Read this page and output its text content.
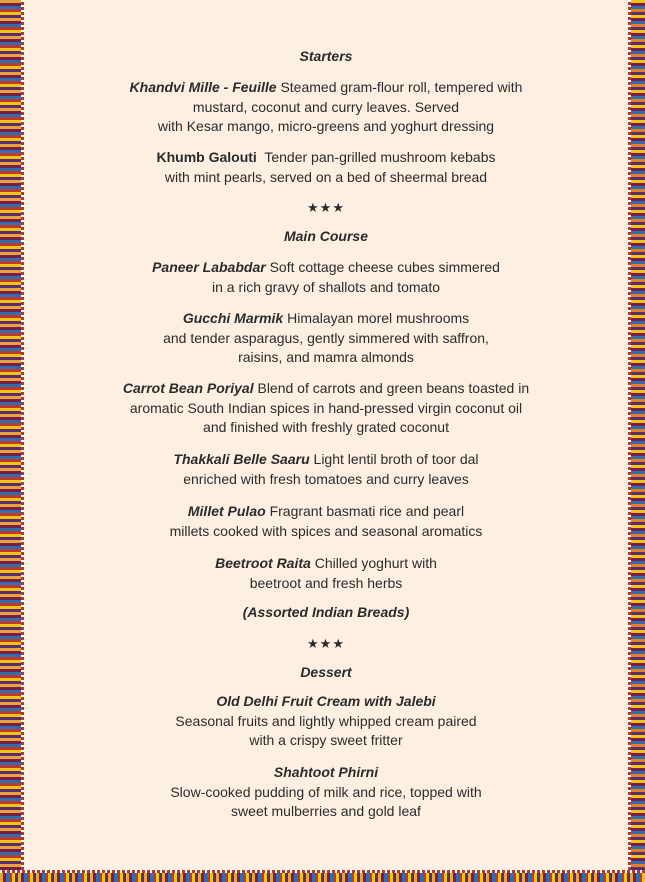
Starters

Khandvi Mille - Feuille Steamed gram-flour roll, tempered with
mustard, coconut and curry leaves. Served
with Kesar mango, micro-greens and yoghurt dressing
Khumb Galouti Tender pan-grilled mushroom kebabs
with mint pearls, served on a bed of sheermal bread
★★★

Main Course

Paneer Lababdar Soft cottage cheese cubes simmered
in a rich gravy of shallots and tomato
Gucchi Marmik Himalayan morel mushrooms
and tender asparagus, gently simmered with saffron,
raisins, and mamra almonds
Carrot Bean Poriyal Blend of carrots and green beans toasted in
aromatic South Indian spices in hand-pressed virgin coconut oil
and finished with freshly grated coconut
Thakkali Belle Saaru Light lentil broth of toor dal
enriched with fresh tomatoes and curry leaves
Millet Pulao Fragrant basmati rice and pearl
millets cooked with spices and seasonal aromatics
Beetroot Raita Chilled yoghurt with
beetroot and fresh herbs

(Assorted Indian Breads)

★★★

Dessert

Old Delhi Fruit Cream with Jalebi
Seasonal fruits and lightly whipped cream paired
with a crispy sweet fritter
Shahtoot Phirni
Slow-cooked pudding of milk and rice, topped with
sweet mulberries and gold leaf
